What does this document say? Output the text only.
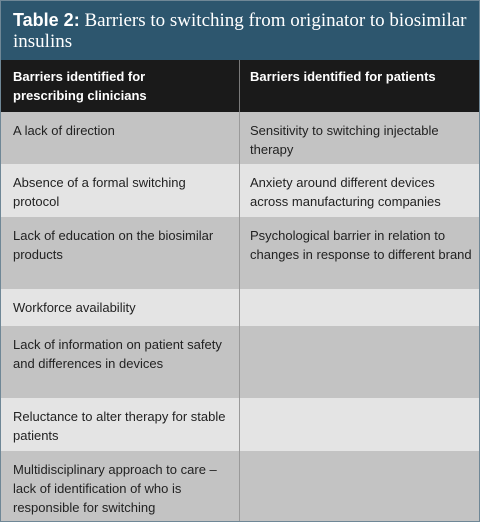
Table 2: Barriers to switching from originator to biosimilar insulins
Barriers identified for prescribing clinicians
Barriers identified for patients
A lack of direction	Sensitivity to switching injectable therapy
Absence of a formal switching protocol
Anxiety around different devices across manufacturing companies
Lack of education on the biosimilar products
Psychological barrier in relation to changes in response to different brand
Workforce availability
Lack of information on patient safety and differences in devices
Reluctance to alter therapy for stable patients
Multidisciplinary approach to care – lack of identification of who is responsible for switching
